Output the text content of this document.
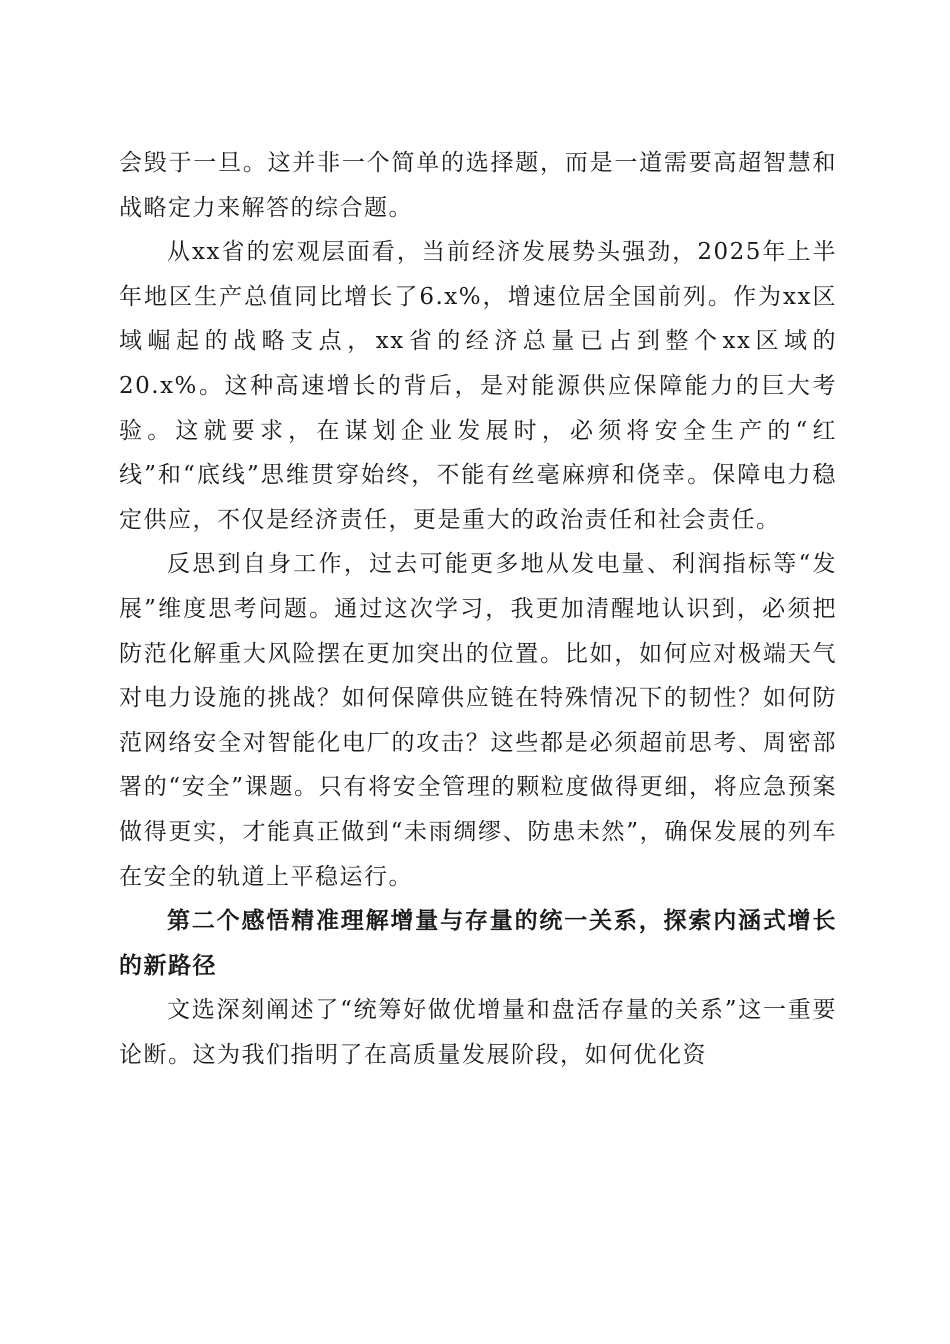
会毁于一旦。这并非一个简单的选择题，而是一道需要高超智慧和战略定力来解答的综合题。

从xx省的宏观层面看，当前经济发展势头强劲，2025年上半年地区生产总值同比增长了6.x%，增速位居全国前列。作为xx区域崛起的战略支点，xx省的经济总量已占到整个xx区域的20.x%。这种高速增长的背后，是对能源供应保障能力的巨大考验。这就要求，在谋划企业发展时，必须将安全生产的“红线”和“底线”思维贯穿始终，不能有丝毫麻痹和侥幸。保障电力稳定供应，不仅是经济责任，更是重大的政治责任和社会责任。

反思到自身工作，过去可能更多地从发电量、利润指标等“发展”维度思考问题。通过这次学习，我更加清醒地认识到，必须把防范化解重大风险摆在更加突出的位置。比如，如何应对极端天气对电力设施的挑战？如何保障供应链在特殊情况下的韧性？如何防范网络安全对智能化电厂的攻击？这些都是必须超前思考、周密部署的“安全”课题。只有将安全管理的颗粒度做得更细，将应急预案做得更实，才能真正做到“未雨绸缪、防患未然”，确保发展的列车在安全的轨道上平稳运行。

第二个感悟精准理解增量与存量的统一关系，探索内涵式增长的新路径

文选深刻阐述了“统筹好做优增量和盘活存量的关系”这一重要论断。这为我们指明了在高质量发展阶段，如何优化资
